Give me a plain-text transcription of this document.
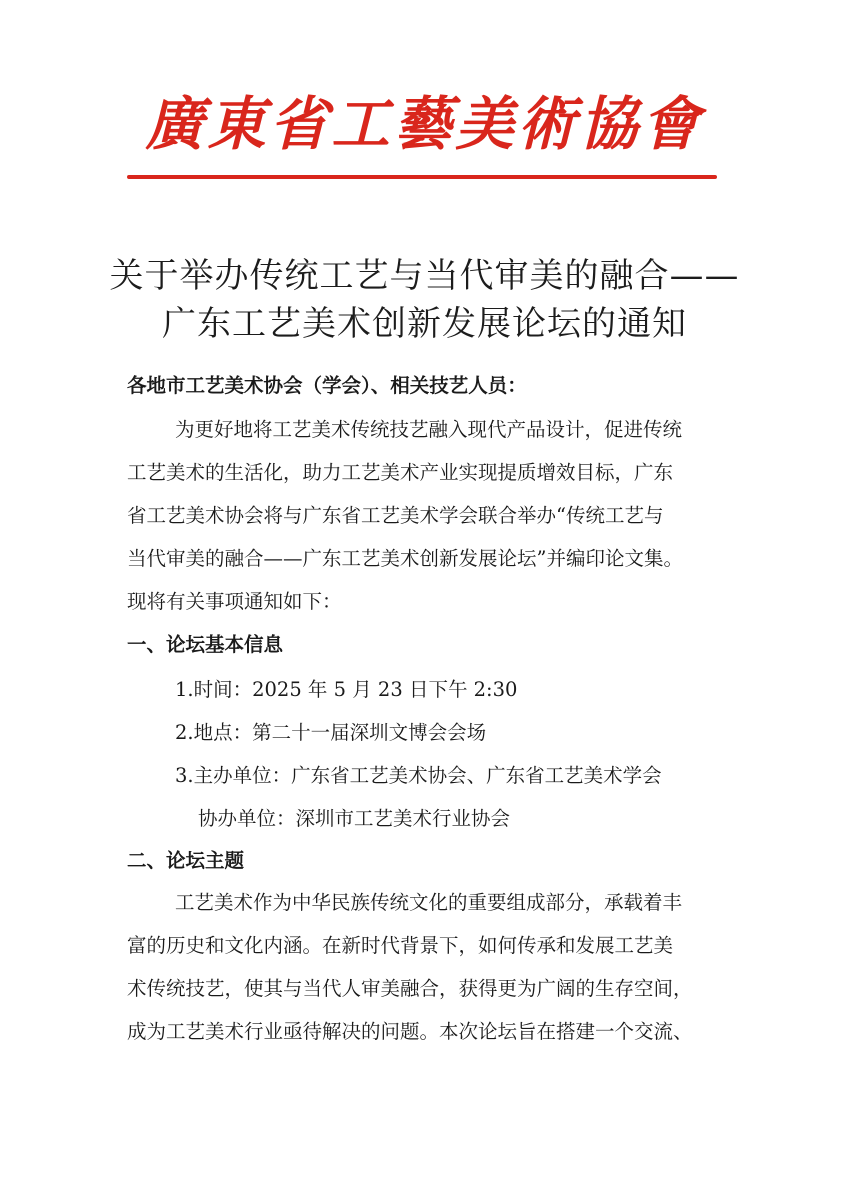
廣東省工藝美術協會
关于举办传统工艺与当代审美的融合——
广东工艺美术创新发展论坛的通知
各地市工艺美术协会（学会）、相关技艺人员：
为更好地将工艺美术传统技艺融入现代产品设计，促进传统
工艺美术的生活化，助力工艺美术产业实现提质增效目标，广东
省工艺美术协会将与广东省工艺美术学会联合举办“传统工艺与
当代审美的融合——广东工艺美术创新发展论坛”并编印论文集。
现将有关事项通知如下：
一、论坛基本信息
1.时间：2025 年 5 月 23 日下午 2:30
2.地点：第二十一届深圳文博会会场
3.主办单位：广东省工艺美术协会、广东省工艺美术学会
协办单位：深圳市工艺美术行业协会
二、论坛主题
工艺美术作为中华民族传统文化的重要组成部分，承载着丰
富的历史和文化内涵。在新时代背景下，如何传承和发展工艺美
术传统技艺，使其与当代人审美融合，获得更为广阔的生存空间，
成为工艺美术行业亟待解决的问题。本次论坛旨在搭建一个交流、
